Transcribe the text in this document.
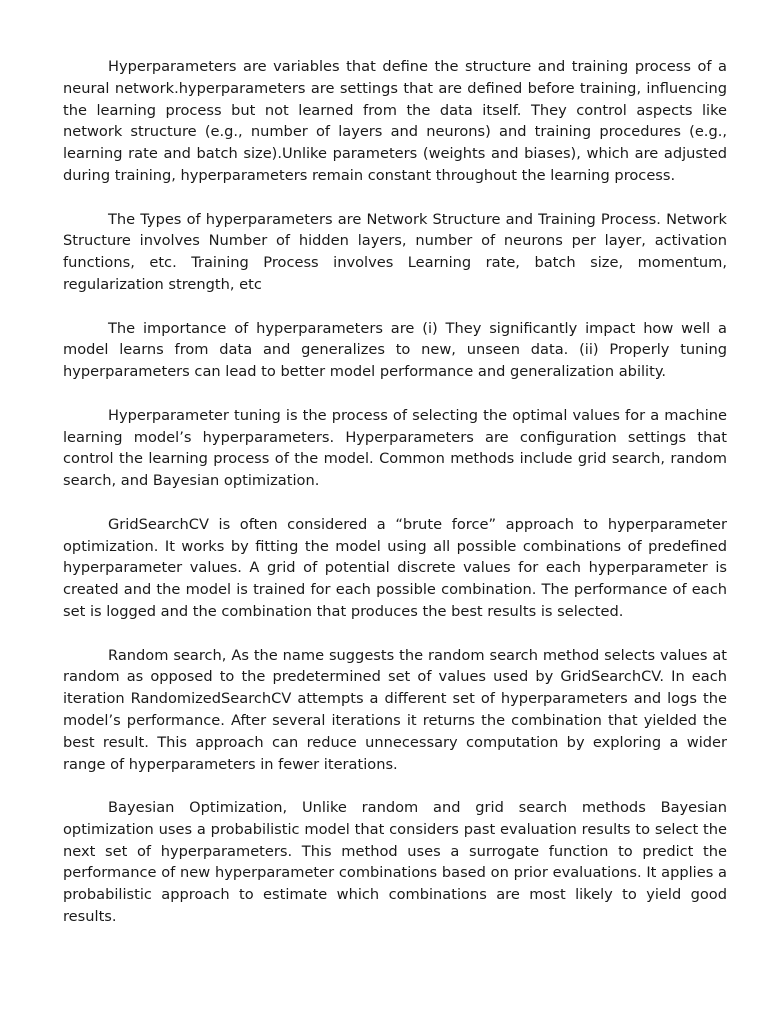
Hyperparameters are variables that define the structure and training process of a neural network.hyperparameters are settings that are defined before training, influencing the learning process but not learned from the data itself. They control aspects like network structure (e.g., number of layers and neurons) and training procedures (e.g., learning rate and batch size).Unlike parameters (weights and biases), which are adjusted during training, hyperparameters remain constant throughout the learning process.

The Types of hyperparameters are Network Structure and Training Process. Network Structure involves Number of hidden layers, number of neurons per layer, activation functions, etc. Training Process involves Learning rate, batch size, momentum, regularization strength, etc

The importance of hyperparameters are (i) They significantly impact how well a model learns from data and generalizes to new, unseen data. (ii) Properly tuning hyperparameters can lead to better model performance and generalization ability.

Hyperparameter tuning is the process of selecting the optimal values for a machine learning model’s hyperparameters. Hyperparameters are configuration settings that control the learning process of the model. Common methods include grid search, random search, and Bayesian optimization.

GridSearchCV is often considered a “brute force” approach to hyperparameter optimization. It works by fitting the model using all possible combinations of predefined hyperparameter values. A grid of potential discrete values for each hyperparameter is created and the model is trained for each possible combination. The performance of each set is logged and the combination that produces the best results is selected.

Random search, As the name suggests the random search method selects values at random as opposed to the predetermined set of values used by GridSearchCV. In each iteration RandomizedSearchCV attempts a different set of hyperparameters and logs the model’s performance. After several iterations it returns the combination that yielded the best result. This approach can reduce unnecessary computation by exploring a wider range of hyperparameters in fewer iterations.

Bayesian Optimization, Unlike random and grid search methods Bayesian optimization uses a probabilistic model that considers past evaluation results to select the next set of hyperparameters. This method uses a surrogate function to predict the performance of new hyperparameter combinations based on prior evaluations. It applies a probabilistic approach to estimate which combinations are most likely to yield good results.
